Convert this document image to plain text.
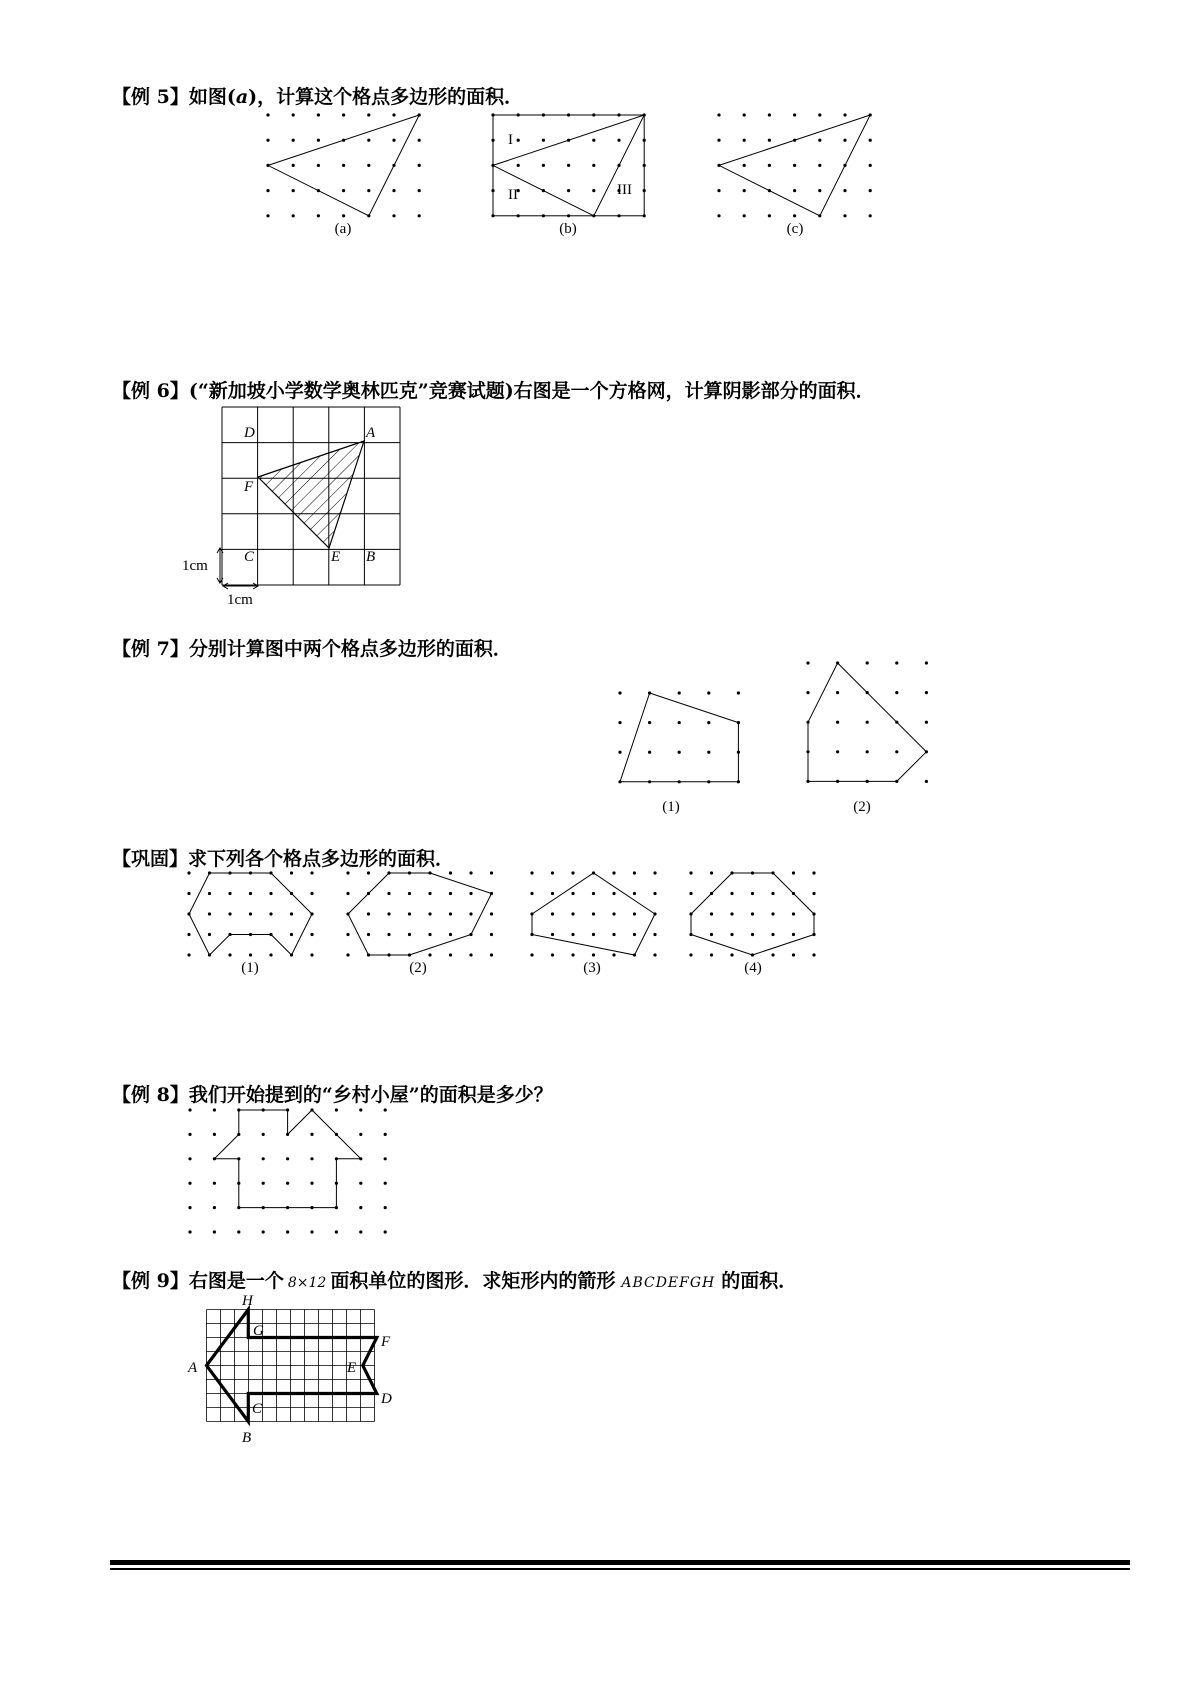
【例 5】如图(a)，计算这个格点多边形的面积．
(a)	(b)	(c)
I
II	III
【例 6】(“新加坡小学数学奥林匹克”竞赛试题)右图是一个方格网，计算阴影部分的面积．
D	A
F
C	E B
1cm
1cm
【例 7】分别计算图中两个格点多边形的面积．
(1)	(2)
【巩固】求下列各个格点多边形的面积．
(1)	(2)	(3)	(4)
【例 8】我们开始提到的“乡村小屋”的面积是多少？
【例 9】右图是一个 8×12 面积单位的图形．求矩形内的箭形 ABCDEFGH 的面积．
H
G
F
A	E
D
C
B
